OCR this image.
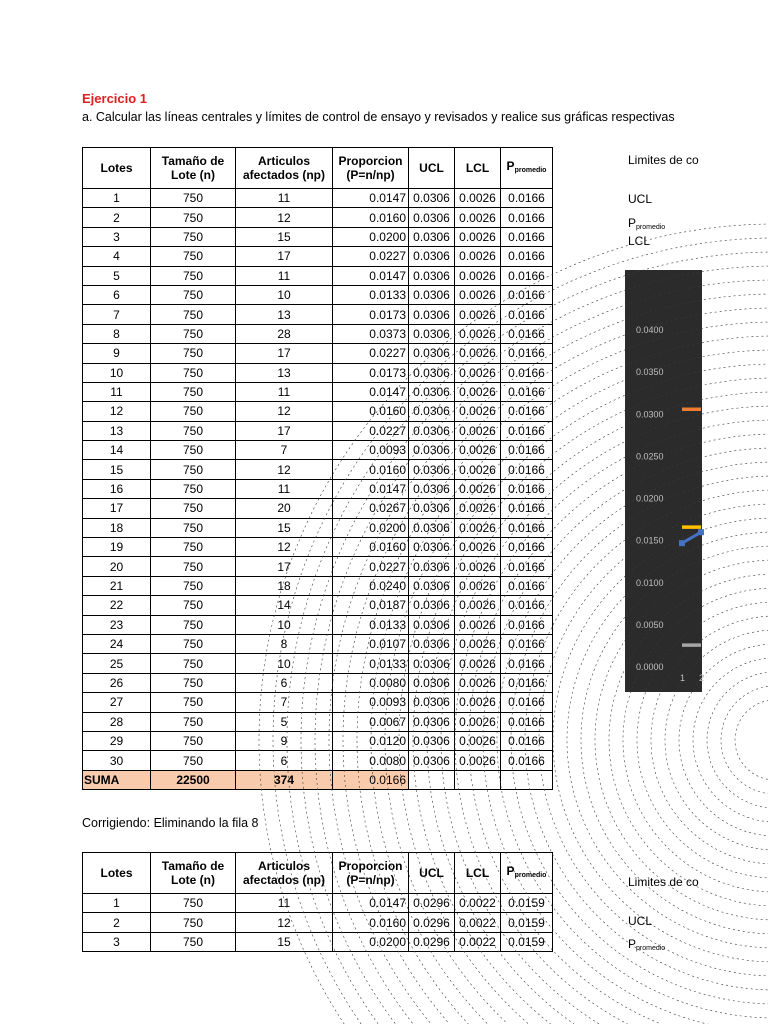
Ejercicio 1
a. Calcular las líneas centrales y límites de control de ensayo y revisados y realice sus gráficas respectivas
Lotes	Tamaño de Lote (n)	Articulos afectados (np)	Proporcion (P=n/np)	UCL	LCL	$P_{promedio}$
1	750	11	0.0147	0.0306	0.0026	0.0166
2	750	12	0.0160	0.0306	0.0026	0.0166
3	750	15	0.0200	0.0306	0.0026	0.0166
4	750	17	0.0227	0.0306	0.0026	0.0166
5	750	11	0.0147	0.0306	0.0026	0.0166
6	750	10	0.0133	0.0306	0.0026	0.0166
7	750	13	0.0173	0.0306	0.0026	0.0166
8	750	28	0.0373	0.0306	0.0026	0.0166
9	750	17	0.0227	0.0306	0.0026	0.0166
10	750	13	0.0173	0.0306	0.0026	0.0166
11	750	11	0.0147	0.0306	0.0026	0.0166
12	750	12	0.0160	0.0306	0.0026	0.0166
13	750	17	0.0227	0.0306	0.0026	0.0166
14	750	7	0.0093	0.0306	0.0026	0.0166
15	750	12	0.0160	0.0306	0.0026	0.0166
16	750	11	0.0147	0.0306	0.0026	0.0166
17	750	20	0.0267	0.0306	0.0026	0.0166
18	750	15	0.0200	0.0306	0.0026	0.0166
19	750	12	0.0160	0.0306	0.0026	0.0166
20	750	17	0.0227	0.0306	0.0026	0.0166
21	750	18	0.0240	0.0306	0.0026	0.0166
22	750	14	0.0187	0.0306	0.0026	0.0166
23	750	10	0.0133	0.0306	0.0026	0.0166
24	750	8	0.0107	0.0306	0.0026	0.0166
25	750	10	0.0133	0.0306	0.0026	0.0166
26	750	6	0.0080	0.0306	0.0026	0.0166
27	750	7	0.0093	0.0306	0.0026	0.0166
28	750	5	0.0067	0.0306	0.0026	0.0166
29	750	9	0.0120	0.0306	0.0026	0.0166
30	750	6	0.0080	0.0306	0.0026	0.0166
SUMA	22500	374	0.0166			
Corrigiendo: Eliminando la fila 8
Lotes	Tamaño de Lote (n)	Articulos afectados (np)	Proporcion (P=n/np)	UCL	LCL	$P_{promedio}$
1	750	11	0.0147	0.0296	0.0022	0.0159
2	750	12	0.0160	0.0296	0.0022	0.0159
3	750	15	0.0200	0.0296	0.0022	0.0159
Limites de co
UCL
$P_{promedio}$
LCL
0.0400
0.0350
0.0300
0.0250
0.0200
0.0150
0.0100
0.0050
0.0000
1 2
Limites de co
UCL
$P_{promedio}$
